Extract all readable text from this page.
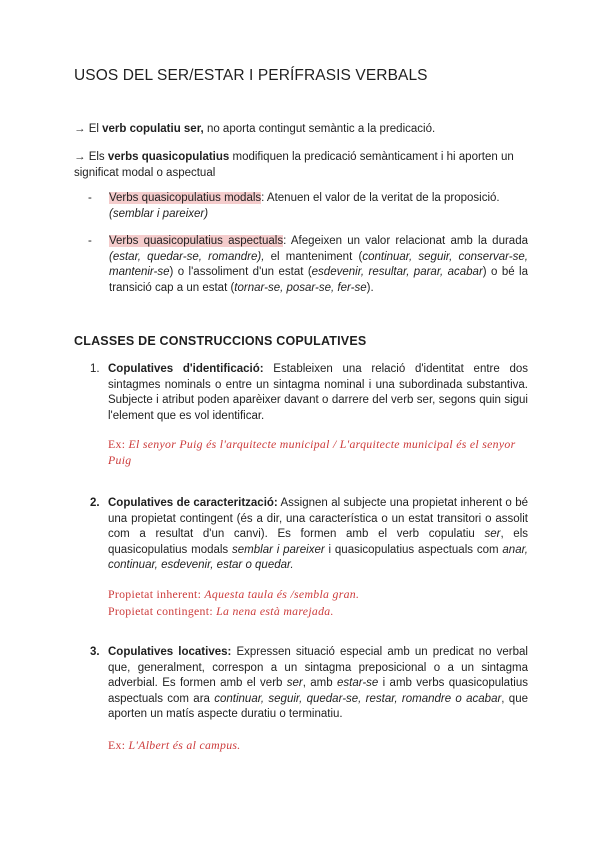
USOS DEL SER/ESTAR I PERÍFRASIS VERBALS
→ El verb copulatiu ser, no aporta contingut semàntic a la predicació.
→ Els verbs quasicopulatius modifiquen la predicació semànticament i hi aporten un significat modal o aspectual
- Verbs quasicopulatius modals: Atenuen el valor de la veritat de la proposició.
(semblar i pareixer)
- Verbs quasicopulatius aspectuals: Afegeixen un valor relacionat amb la durada (estar, quedar-se, romandre), el manteniment (continuar, seguir, conservar-se, mantenir-se) o l'assoliment d'un estat (esdevenir, resultar, parar, acabar) o bé la transició cap a un estat (tornar-se, posar-se, fer-se).
CLASSES DE CONSTRUCCIONS COPULATIVES
1. Copulatives d'identificació: Estableixen una relació d'identitat entre dos sintagmes nominals o entre un sintagma nominal i una subordinada substantiva. Subjecte i atribut poden aparèixer davant o darrere del verb ser, segons quin sigui l'element que es vol identificar.
Ex: El senyor Puig és l'arquitecte municipal / L'arquitecte municipal és el senyor Puig
2. Copulatives de caracterització: Assignen al subjecte una propietat inherent o bé una propietat contingent (és a dir, una característica o un estat transitori o assolit com a resultat d'un canvi). Es formen amb el verb copulatiu ser, els quasicopulatius modals semblar i pareixer i quasicopulatius aspectuals com anar, continuar, esdevenir, estar o quedar.
Propietat inherent: Aquesta taula és /sembla gran.
Propietat contingent: La nena està marejada.
3. Copulatives locatives: Expressen situació especial amb un predicat no verbal que, generalment, correspon a un sintagma preposicional o a un sintagma adverbial. Es formen amb el verb ser, amb estar-se i amb verbs quasicopulatius aspectuals com ara continuar, seguir, quedar-se, restar, romandre o acabar, que aporten un matís aspecte duratiu o terminatiu.
Ex: L'Albert és al campus.
